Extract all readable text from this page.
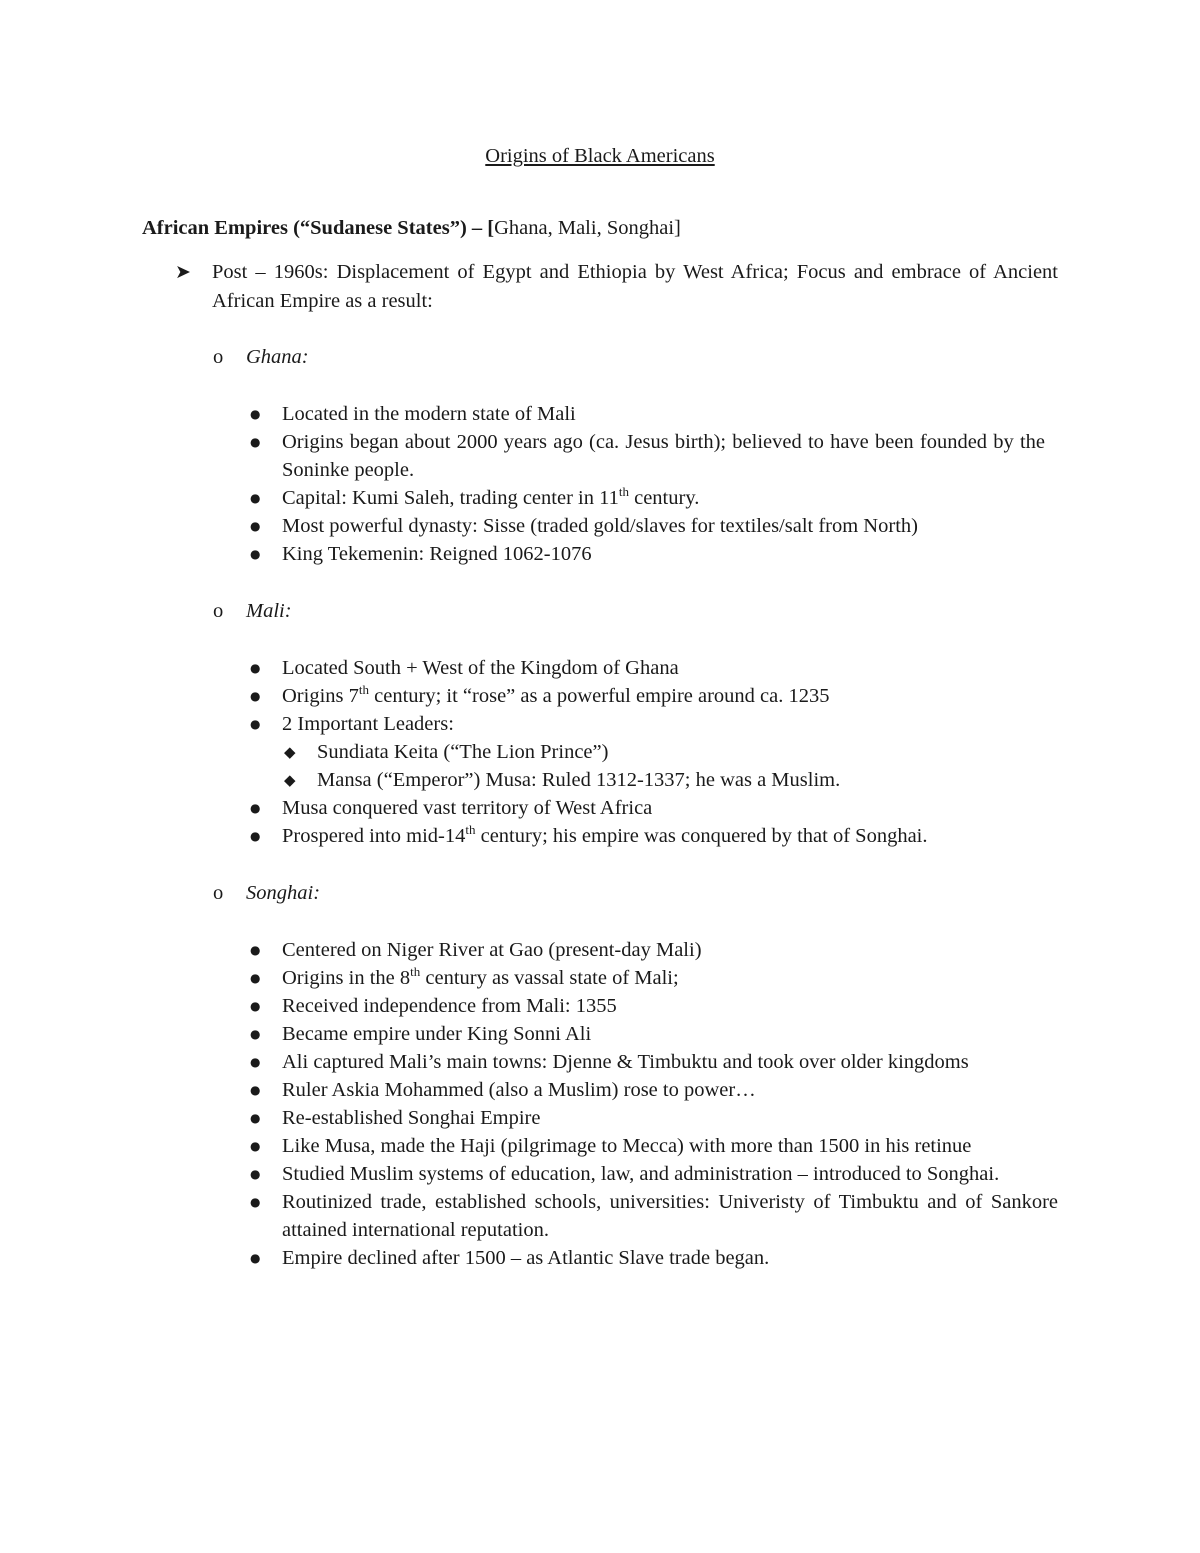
Origins of Black Americans
African Empires (“Sudanese States”) – [Ghana, Mali, Songhai]
➤ Post – 1960s: Displacement of Egypt and Ethiopia by West Africa; Focus and embrace of Ancient African Empire as a result:
o Ghana:
● Located in the modern state of Mali
● Origins began about 2000 years ago (ca. Jesus birth); believed to have been founded by the Soninke people.
● Capital: Kumi Saleh, trading center in 11th century.
● Most powerful dynasty: Sisse (traded gold/slaves for textiles/salt from North)
● King Tekemenin: Reigned 1062-1076
o Mali:
● Located South + West of the Kingdom of Ghana
● Origins 7th century; it “rose” as a powerful empire around ca. 1235
● 2 Important Leaders:
◆ Sundiata Keita (“The Lion Prince”)
◆ Mansa (“Emperor”) Musa: Ruled 1312-1337; he was a Muslim.
● Musa conquered vast territory of West Africa
● Prospered into mid-14th century; his empire was conquered by that of Songhai.
o Songhai:
● Centered on Niger River at Gao (present-day Mali)
● Origins in the 8th century as vassal state of Mali;
● Received independence from Mali: 1355
● Became empire under King Sonni Ali
● Ali captured Mali’s main towns: Djenne & Timbuktu and took over older kingdoms
● Ruler Askia Mohammed (also a Muslim) rose to power…
● Re-established Songhai Empire
● Like Musa, made the Haji (pilgrimage to Mecca) with more than 1500 in his retinue
● Studied Muslim systems of education, law, and administration – introduced to Songhai.
● Routinized trade, established schools, universities: Univeristy of Timbuktu and of Sankore attained international reputation.
● Empire declined after 1500 – as Atlantic Slave trade began.
